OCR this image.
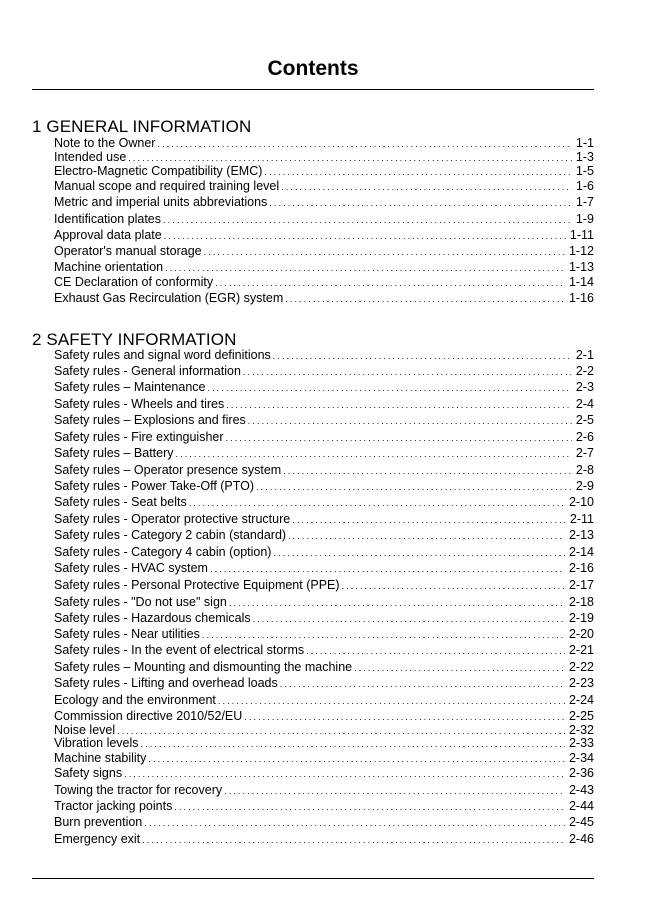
Contents
1 GENERAL INFORMATION
Note to the Owner . . .	1-1
Intended use . . .	1-3
Electro-Magnetic Compatibility (EMC) . . .	1-5
Manual scope and required training level . . .	1-6
Metric and imperial units abbreviations . . .	1-7
Identification plates . . .	1-9
Approval data plate . . .	1-11
Operator's manual storage . . .	1-12
Machine orientation . . .	1-13
CE Declaration of conformity . . .	1-14
Exhaust Gas Recirculation (EGR) system . . .	1-16
2 SAFETY INFORMATION
Safety rules and signal word definitions . . .	2-1
Safety rules - General information . . .	2-2
Safety rules – Maintenance . . .	2-3
Safety rules - Wheels and tires . . .	2-4
Safety rules – Explosions and fires . . .	2-5
Safety rules - Fire extinguisher . . .	2-6
Safety rules – Battery . . .	2-7
Safety rules – Operator presence system . . .	2-8
Safety rules - Power Take-Off (PTO) . . .	2-9
Safety rules - Seat belts . . .	2-10
Safety rules - Operator protective structure . . .	2-11
Safety rules - Category 2 cabin (standard) . . .	2-13
Safety rules - Category 4 cabin (option) . . .	2-14
Safety rules - HVAC system . . .	2-16
Safety rules - Personal Protective Equipment (PPE) . . .	2-17
Safety rules - "Do not use" sign . . .	2-18
Safety rules - Hazardous chemicals . . .	2-19
Safety rules - Near utilities . . .	2-20
Safety rules - In the event of electrical storms . . .	2-21
Safety rules – Mounting and dismounting the machine . . .	2-22
Safety rules - Lifting and overhead loads . . .	2-23
Ecology and the environment . . .	2-24
Commission directive 2010/52/EU . . .	2-25
Noise level . . .	2-32
Vibration levels . . .	2-33
Machine stability . . .	2-34
Safety signs . . .	2-36
Towing the tractor for recovery . . .	2-43
Tractor jacking points . . .	2-44
Burn prevention . . .	2-45
Emergency exit . . .	2-46
